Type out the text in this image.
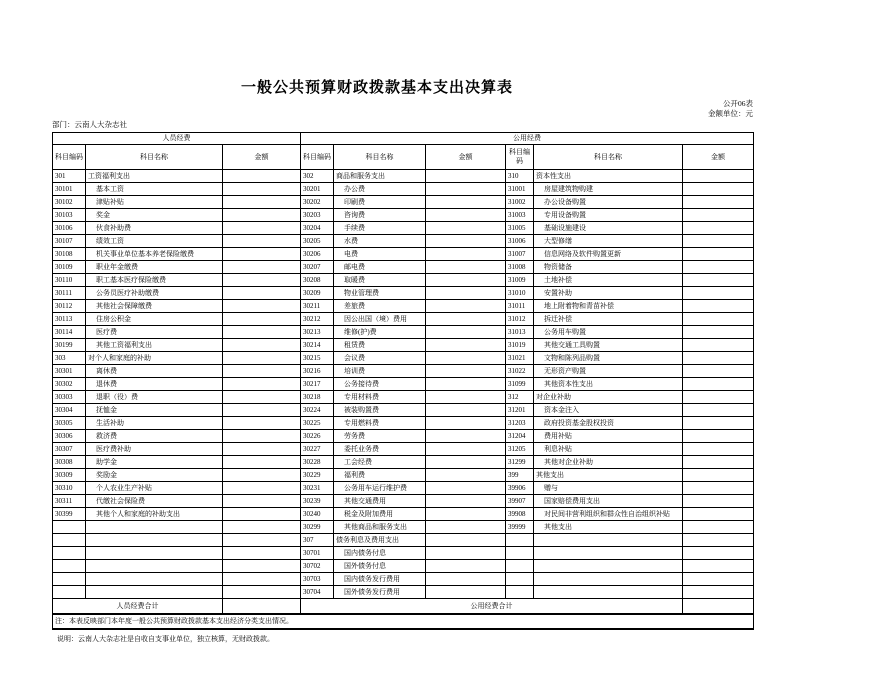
一般公共预算财政拨款基本支出决算表
公开06表
金额单位：元
部门：云南人大杂志社
人员经费			公用经费					
科目编码	科目名称	金额	科目编码	科目名称	金额	科目编码	科目名称	金额
301	工资福利支出		302	商品和服务支出		310	资本性支出	
30101	基本工资		30201	办公费		31001	房屋建筑物购建	
30102	津贴补贴		30202	印刷费		31002	办公设备购置	
30103	奖金		30203	咨询费		31003	专用设备购置	
30106	伙食补助费		30204	手续费		31005	基础设施建设	
30107	绩效工资		30205	水费		31006	大型修缮	
30108	机关事业单位基本养老保险缴费		30206	电费		31007	信息网络及软件购置更新	
30109	职业年金缴费		30207	邮电费		31008	物资储备	
30110	职工基本医疗保险缴费		30208	取暖费		31009	土地补偿	
30111	公务员医疗补助缴费		30209	物业管理费		31010	安置补助	
30112	其他社会保障缴费		30211	差旅费		31011	地上附着物和青苗补偿	
30113	住房公积金		30212	因公出国（境）费用		31012	拆迁补偿	
30114	医疗费		30213	维修(护)费		31013	公务用车购置	
30199	其他工资福利支出		30214	租赁费		31019	其他交通工具购置	
303	对个人和家庭的补助		30215	会议费		31021	文物和陈列品购置	
30301	离休费		30216	培训费		31022	无形资产购置	
30302	退休费		30217	公务接待费		31099	其他资本性支出	
30303	退职（役）费		30218	专用材料费		312	对企业补助	
30304	抚恤金		30224	被装购置费		31201	资本金注入	
30305	生活补助		30225	专用燃料费		31203	政府投资基金股权投资	
30306	救济费		30226	劳务费		31204	费用补贴	
30307	医疗费补助		30227	委托业务费		31205	利息补贴	
30308	助学金		30228	工会经费		31299	其他对企业补助	
30309	奖励金		30229	福利费		399	其他支出	
30310	个人农业生产补贴		30231	公务用车运行维护费		39906	赠与	
30311	代缴社会保险费		30239	其他交通费用		39907	国家赔偿费用支出	
30399	其他个人和家庭的补助支出		30240	税金及附加费用		39908	对民间非营利组织和群众性自治组织补贴	
			30299	其他商品和服务支出		39999	其他支出	
			307	债务利息及费用支出				
			30701	国内债务付息				
			30702	国外债务付息				
			30703	国内债务发行费用				
			30704	国外债务发行费用				
人员经费合计			公用经费合计					
注：本表反映部门本年度一般公共预算财政拨款基本支出经济分类支出情况。								
说明：云南人大杂志社是自收自支事业单位，独立核算，无财政拨款。
